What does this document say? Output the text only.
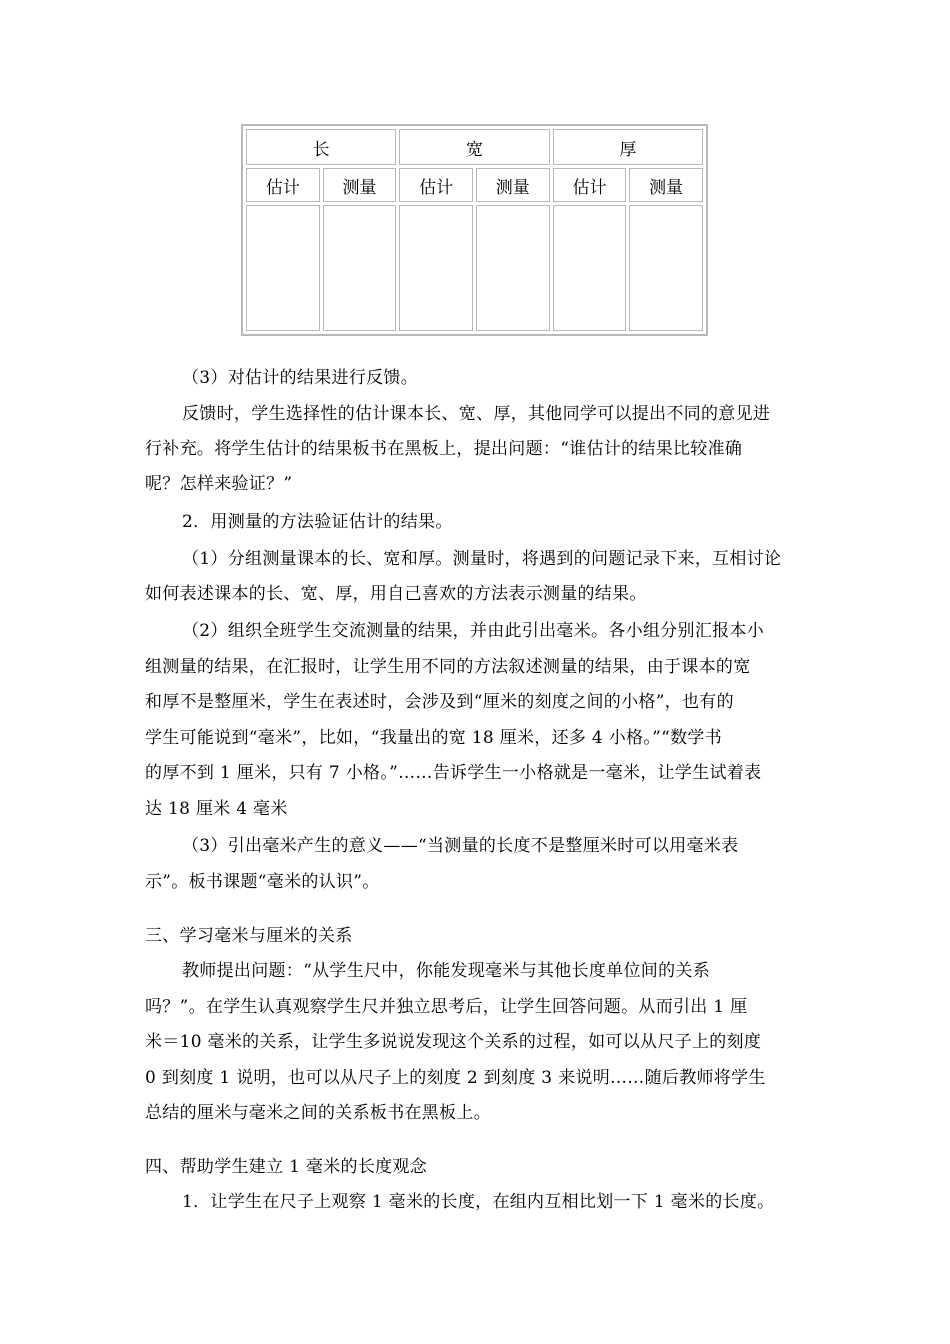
长		宽		厚	
估计	测量	估计	测量	估计	测量

（3）对估计的结果进行反馈。

反馈时，学生选择性的估计课本长、宽、厚，其他同学可以提出不同的意见进

行补充。将学生估计的结果板书在黑板上，提出问题：“谁估计的结果比较准确

呢？怎样来验证？”

2．用测量的方法验证估计的结果。

（1）分组测量课本的长、宽和厚。测量时，将遇到的问题记录下来，互相讨论

如何表述课本的长、宽、厚，用自己喜欢的方法表示测量的结果。

（2）组织全班学生交流测量的结果，并由此引出毫米。各小组分别汇报本小

组测量的结果，在汇报时，让学生用不同的方法叙述测量的结果，由于课本的宽

和厚不是整厘米，学生在表述时，会涉及到“厘米的刻度之间的小格”，也有的

学生可能说到“毫米”，比如，“我量出的宽 18 厘米，还多 4 小格。”“数学书

的厚不到 1 厘米，只有 7 小格。”……告诉学生一小格就是一毫米，让学生试着表

达 18 厘米 4 毫米

（3）引出毫米产生的意义——“当测量的长度不是整厘米时可以用毫米表

示”。板书课题“毫米的认识”。

三、学习毫米与厘米的关系

教师提出问题：“从学生尺中，你能发现毫米与其他长度单位间的关系

吗？”。在学生认真观察学生尺并独立思考后，让学生回答问题。从而引出 1 厘

米＝10 毫米的关系，让学生多说说发现这个关系的过程，如可以从尺子上的刻度

0 到刻度 1 说明，也可以从尺子上的刻度 2 到刻度 3 来说明……随后教师将学生

总结的厘米与毫米之间的关系板书在黑板上。

四、帮助学生建立 1 毫米的长度观念

1．让学生在尺子上观察 1 毫米的长度，在组内互相比划一下 1 毫米的长度。
